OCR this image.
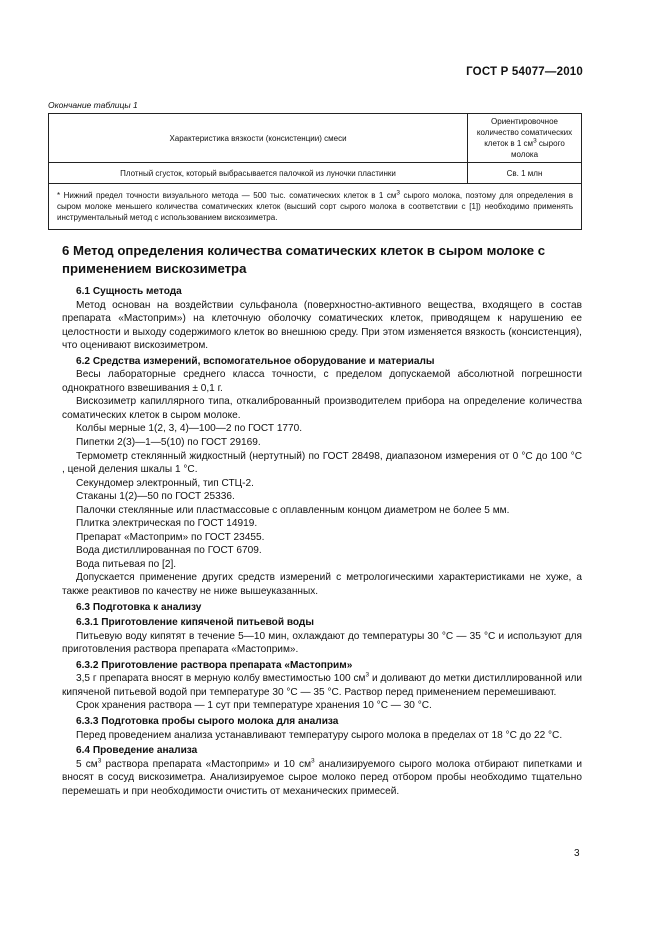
ГОСТ Р 54077—2010
Окончание таблицы 1
Характеристика вязкости (консистенции) смеси	Ориентировочное количество соматических клеток в 1 $см^3$ сырого молока
Плотный сгусток, который выбрасывается палочкой из луночки пластинки	Св. 1 млн
* Нижний предел точности визуального метода — 500 тыс. соматических клеток в 1 $см^3$ сырого молока, поэтому для определения в сыром молоке меньшего количества соматических клеток (высший сорт сырого молока в соответствии с [1]) необходимо применять инструментальный метод с использованием вискозиметра.	
6 Метод определения количества соматических клеток в сыром молоке с применением вискозиметра

6.1 Сущность метода

Метод основан на воздействии сульфанола (поверхностно-активного вещества, входящего в состав препарата «Мастоприм») на клеточную оболочку соматических клеток, приводящем к нарушению ее целостности и выходу содержимого клеток во внешнюю среду. При этом изменяется вязкость (консистенция), что оценивают вискозиметром.

6.2 Средства измерений, вспомогательное оборудование и материалы

Весы лабораторные среднего класса точности, с пределом допускаемой абсолютной погрешности однократного взвешивания ± 0,1 г.

Вискозиметр капиллярного типа, откалиброванный производителем прибора на определение количества соматических клеток в сыром молоке.

Колбы мерные 1(2, 3, 4)—100—2 по ГОСТ 1770.

Пипетки 2(3)—1—5(10) по ГОСТ 29169.

Термометр стеклянный жидкостный (нертутный) по ГОСТ 28498, диапазоном измерения от 0 °С до 100 °С , ценой деления шкалы 1 °С.

Секундомер электронный, тип СТЦ-2.

Стаканы 1(2)—50 по ГОСТ 25336.

Палочки стеклянные или пластмассовые с оплавленным концом диаметром не более 5 мм.

Плитка электрическая по ГОСТ 14919.

Препарат «Мастоприм» по ГОСТ 23455.

Вода дистиллированная по ГОСТ 6709.

Вода питьевая по [2].

Допускается применение других средств измерений с метрологическими характеристиками не хуже, а также реактивов по качеству не ниже вышеуказанных.

6.3 Подготовка к анализу

6.3.1 Приготовление кипяченой питьевой воды

Питьевую воду кипятят в течение 5—10 мин, охлаждают до температуры 30 °С — 35 °С и используют для приготовления раствора препарата «Мастоприм».

6.3.2 Приготовление раствора препарата «Мастоприм»

3,5 г препарата вносят в мерную колбу вместимостью 100 $см^3$ и доливают до метки дистиллированной или кипяченой питьевой водой при температуре 30 °С — 35 °С. Раствор перед применением перемешивают.

Срок хранения раствора — 1 сут при температуре хранения 10 °С — 30 °С.

6.3.3 Подготовка пробы сырого молока для анализа

Перед проведением анализа устанавливают температуру сырого молока в пределах от 18 °С до 22 °С.

6.4 Проведение анализа

5 $см^3$ раствора препарата «Мастоприм» и 10 $см^3$ анализируемого сырого молока отбирают пипетками и вносят в сосуд вискозиметра. Анализируемое сырое молоко перед отбором пробы необходимо тщательно перемешать и при необходимости очистить от механических примесей.

3
